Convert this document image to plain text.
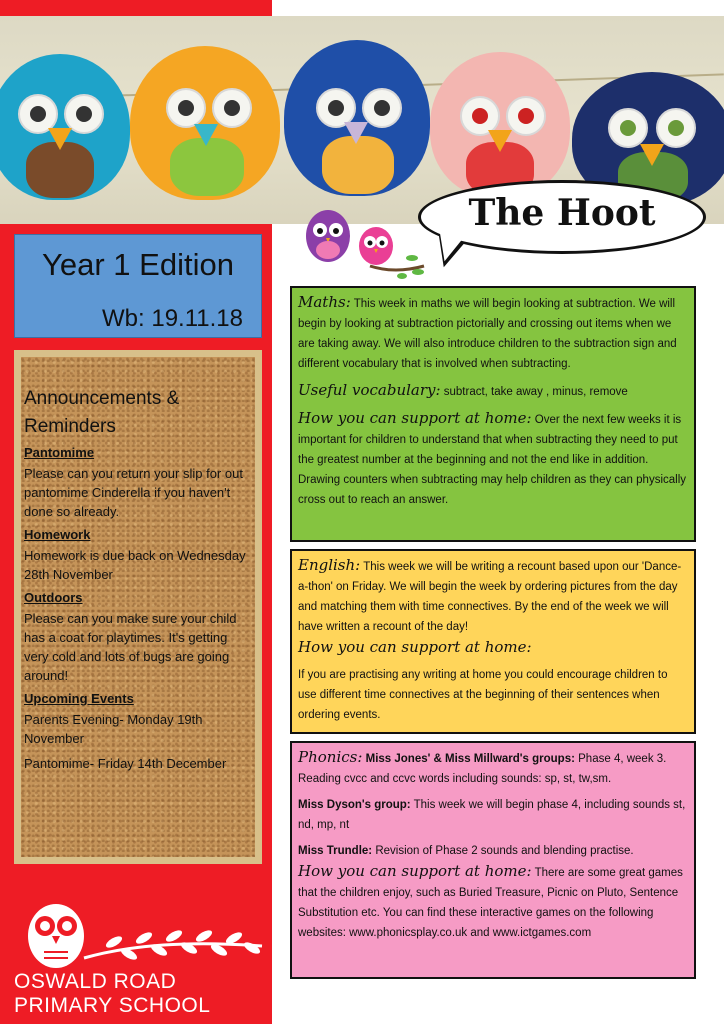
The Hoot
Year 1 Edition
Wb: 19.11.18
Announcements & Reminders
Pantomime

Please can you return your slip for out pantomime Cinderella if you haven't done so already.

Homework

Homework is due back on Wednesday 28th November

Outdoors

Please can you make sure your child has a coat for playtimes. It's getting very cold and lots of bugs are going around!

Upcoming Events

Parents Evening- Monday 19th November

Pantomime- Friday 14th December

OSWALD ROAD
PRIMARY SCHOOL

Maths: This week in maths we will begin looking at subtraction. We will begin by looking at subtraction pictorially and crossing out items when we are taking away. We will also introduce children to the subtraction sign and different vocabulary that is involved when subtracting.

Useful vocabulary: subtract, take away , minus, remove

How you can support at home: Over the next few weeks it is important for children to understand that when subtracting they need to put the greatest number at the beginning and not the end like in addition. Drawing counters when subtracting may help children as they can physically cross out to reach an answer.

English: This week we will be writing a recount based upon our 'Dance-a-thon' on Friday. We will begin the week by ordering pictures from the day and matching them with time connectives. By the end of the week we will have written a recount of the day!

How you can support at home:

If you are practising any writing at home you could encourage children to use different time connectives at the beginning of their sentences when ordering events.

Phonics: Miss Jones' & Miss Millward's groups: Phase 4, week 3. Reading cvcc and ccvc words including sounds: sp, st, tw,sm.

Miss Dyson's group: This week we will begin phase 4, including sounds st, nd, mp, nt

Miss Trundle: Revision of Phase 2 sounds and blending practise.

How you can support at home: There are some great games that the children enjoy, such as Buried Treasure, Picnic on Pluto, Sentence Substitution etc. You can find these interactive games on the following websites: www.phonicsplay.co.uk and www.ictgames.com
